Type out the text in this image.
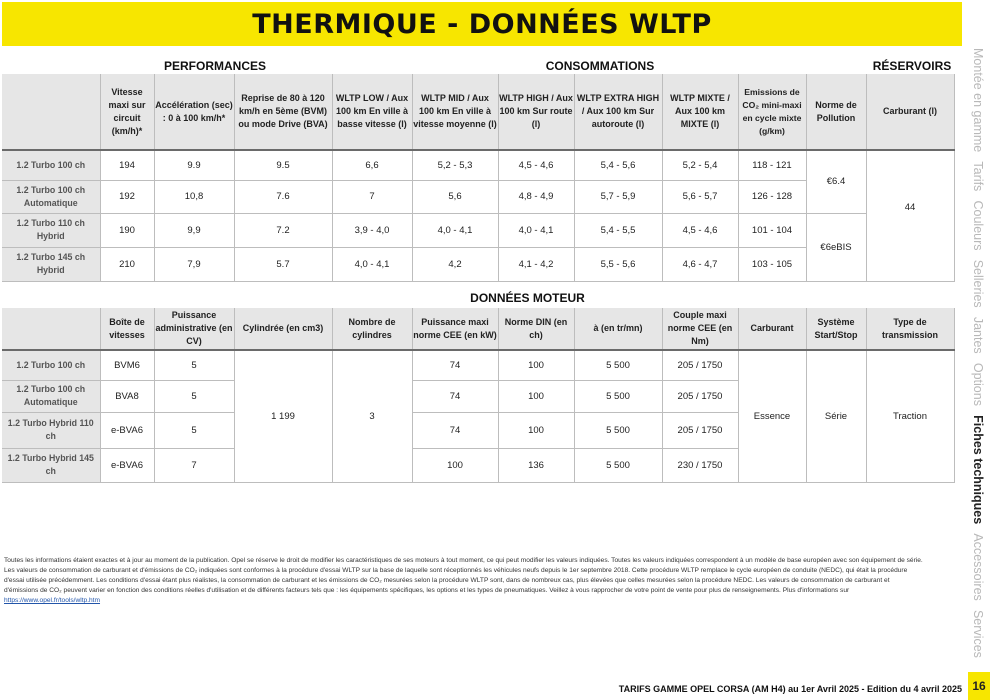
THERMIQUE - DONNÉES WLTP
PERFORMANCES	CONSOMMATIONS	RÉSERVOIRS
	Vitesse maxi sur circuit (km/h)*	Accélération (sec) : 0 à 100 km/h*	Reprise de 80 à 120 km/h en 5ème (BVM) ou mode Drive (BVA)	WLTP LOW / Aux 100 km En ville à basse vitesse (l)	WLTP MID / Aux 100 km En ville à vitesse moyenne (l)	WLTP HIGH / Aux 100 km Sur route (l)	WLTP EXTRA HIGH / Aux 100 km Sur autoroute (l)	WLTP MIXTE / Aux 100 km MIXTE (l)	Emissions de CO₂ mini-maxi en cycle mixte (g/km)	Norme de Pollution	Carburant (l)
1.2 Turbo 100 ch	194	9.9	9.5	6,6	5,2 - 5,3	4,5 - 4,6	5,4 - 5,6	5,2 - 5,4	118 - 121	€6.4	44
1.2 Turbo 100 ch Automatique	192	10,8	7.6	7	5,6	4,8 - 4,9	5,7 - 5,9	5,6 - 5,7	126 - 128		
1.2 Turbo 110 ch Hybrid	190	9,9	7.2	3,9 - 4,0	4,0 - 4,1	4,0 - 4,1	5,4 - 5,5	4,5 - 4,6	101 - 104	€6eBIS	
1.2 Turbo 145 ch Hybrid	210	7,9	5.7	4,0 - 4,1	4,2	4,1 - 4,2	5,5 - 5,6	4,6 - 4,7	103 - 105		
DONNÉES MOTEUR
	Boîte de vitesses	Puissance administrative (en CV)	Cylindrée (en cm3)	Nombre de cylindres	Puissance maxi norme CEE (en kW)	Norme DIN (en ch)	à (en tr/mn)	Couple maxi norme CEE (en Nm)	Carburant	Système Start/Stop	Type de transmission
1.2 Turbo 100 ch	BVM6	5	1 199	3	74	100	5 500	205 / 1750	Essence	Série	Traction
1.2 Turbo 100 ch Automatique	BVA8	5			74	100	5 500	205 / 1750			
1.2 Turbo Hybrid 110 ch	e-BVA6	5			74	100	5 500	205 / 1750			
1.2 Turbo Hybrid 145 ch	e-BVA6	7			100	136	5 500	230 / 1750			
Toutes les informations étaient exactes et à jour au moment de la publication. Opel se réserve le droit de modifier les caractéristiques de ses moteurs à tout moment, ce qui peut modifier les valeurs indiquées. Toutes les valeurs indiquées correspondent à un modèle de base européen avec son équipement de série. Les valeurs de consommation de carburant et d'émissions de CO₂ indiquées sont conformes à la procédure d'essai WLTP sur la base de laquelle sont réceptionnés les véhicules neufs depuis le 1er septembre 2018. Cette procédure WLTP remplace le cycle européen de conduite (NEDC), qui était la procédure d'essai utilisée précédemment. Les conditions d'essai étant plus réalistes, la consommation de carburant et les émissions de CO₂ mesurées selon la procédure WLTP sont, dans de nombreux cas, plus élevées que celles mesurées selon la procédure NEDC. Les valeurs de consommation de carburant et d'émissions de CO₂ peuvent varier en fonction des conditions réelles d'utilisation et de différents facteurs tels que : les équipements spécifiques, les options et les types de pneumatiques. Veillez à vous rapprocher de votre point de vente pour plus de renseignements. Plus d'informations sur https://www.opel.fr/tools/wltp.htm
Montée en gamme
Tarifs
Couleurs
Selleries
Jantes
Options
Fiches techniques
Accessoires
Services
TARIFS GAMME OPEL CORSA (AM H4) au 1er Avril 2025 - Edition du 4 avril 2025 16
